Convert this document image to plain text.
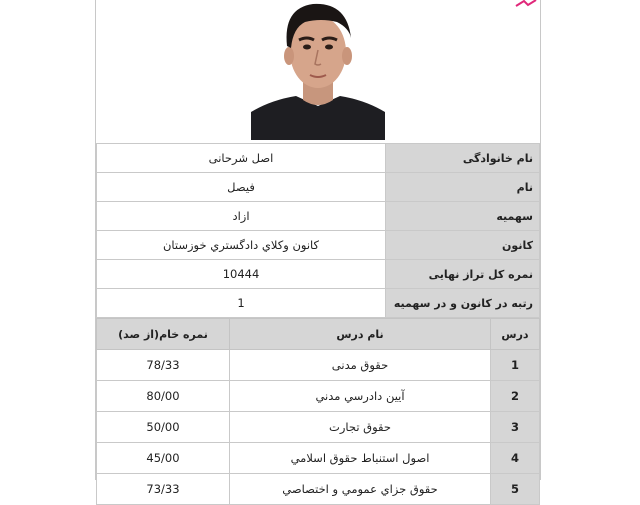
نام خانوادگی	اصل شرحانی
نام	فیصل
سهمیه	ازاد
کانون	کانون وکلاي دادگستري خوزستان
نمره کل تراز نهایی	10444
رتبه در کانون و در سهمیه	1
درس	نام درس	نمره خام(از صد)
1	حقوق مدنی	78/33
2	آیین دادرسي مدني	80/00
3	حقوق تجارت	50/00
4	اصول استنباط حقوق اسلامي	45/00
5	حقوق جزاي عمومي و اختصاصي	73/33
